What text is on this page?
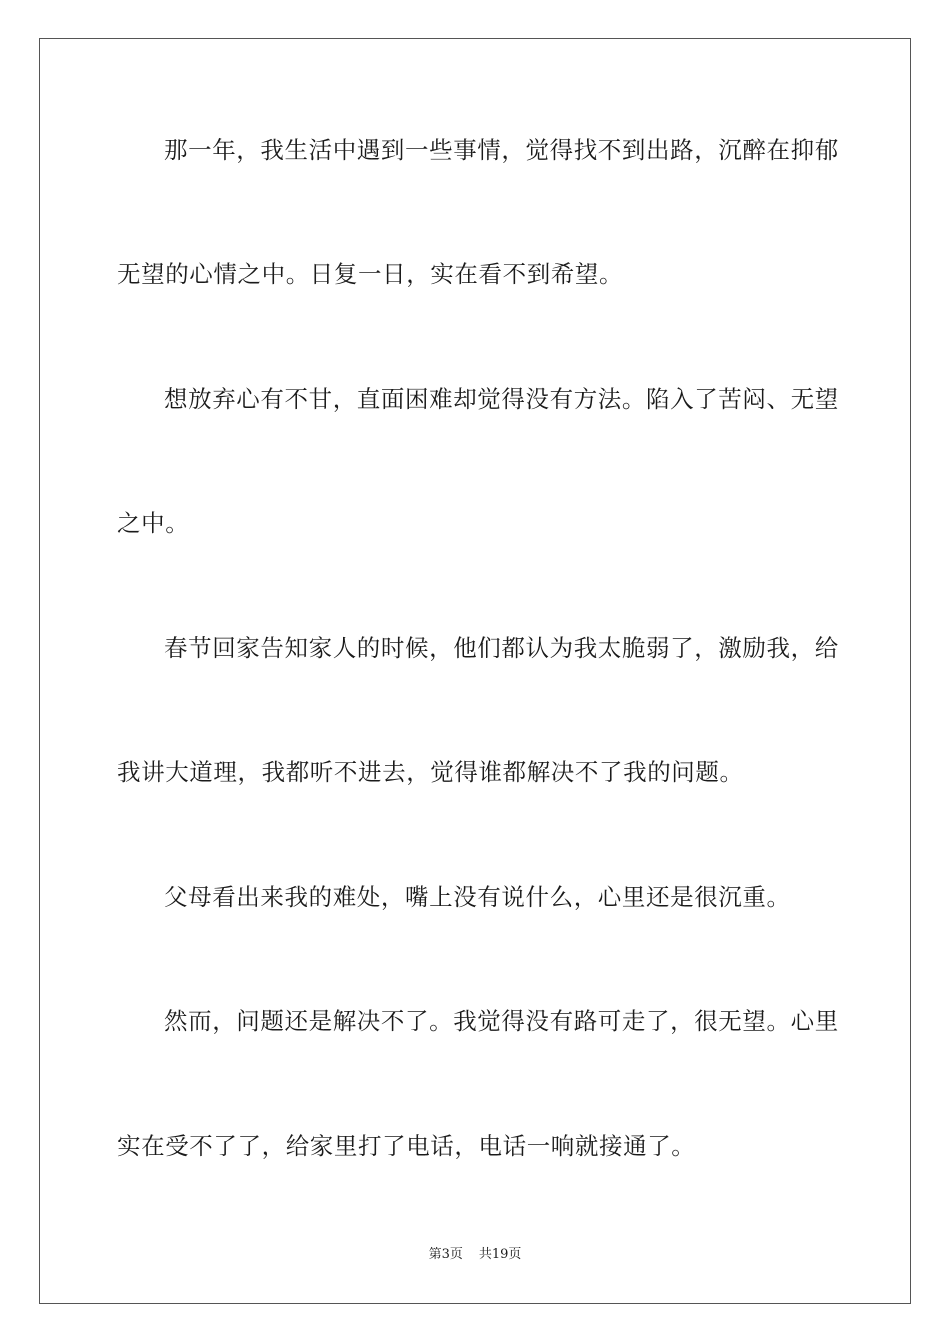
那一年，我生活中遇到一些事情，觉得找不到出路，沉醉在抑郁
无望的心情之中。日复一日，实在看不到希望。
想放弃心有不甘，直面困难却觉得没有方法。陷入了苦闷、无望
之中。
春节回家告知家人的时候，他们都认为我太脆弱了，激励我，给
我讲大道理，我都听不进去，觉得谁都解决不了我的问题。
父母看出来我的难处，嘴上没有说什么，心里还是很沉重。
然而，问题还是解决不了。我觉得没有路可走了，很无望。心里
实在受不了了，给家里打了电话，电话一响就接通了。
第3页 共19页
